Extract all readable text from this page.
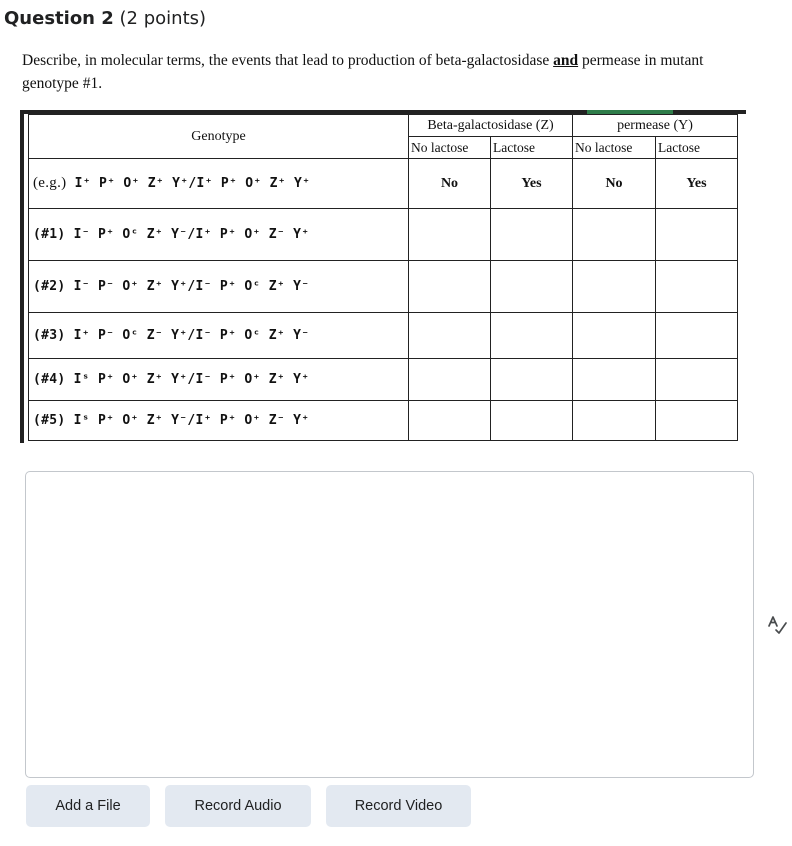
Question 2 (2 points)
Describe, in molecular terms, the events that lead to production of beta-galactosidase and permease in mutant genotype #1.
Genotype	Beta-galactosidase (Z)		permease (Y)	
	No lactose	Lactose	No lactose	Lactose
(e.g.) I⁺ P⁺ O⁺ Z⁺ Y⁺/I⁺ P⁺ O⁺ Z⁺ Y⁺	No	Yes	No	Yes
(#1) I⁻ P⁺ Oᶜ Z⁺ Y⁻/I⁺ P⁺ O⁺ Z⁻ Y⁺				
(#2) I⁻ P⁻ O⁺ Z⁺ Y⁺/I⁻ P⁺ Oᶜ Z⁺ Y⁻				
(#3) I⁺ P⁻ Oᶜ Z⁻ Y⁺/I⁻ P⁺ Oᶜ Z⁺ Y⁻				
(#4) Iˢ P⁺ O⁺ Z⁺ Y⁺/I⁻ P⁺ O⁺ Z⁺ Y⁺				
(#5) Iˢ P⁺ O⁺ Z⁺ Y⁻/I⁺ P⁺ O⁺ Z⁻ Y⁺				
Add a File	Record Audio	Record Video
